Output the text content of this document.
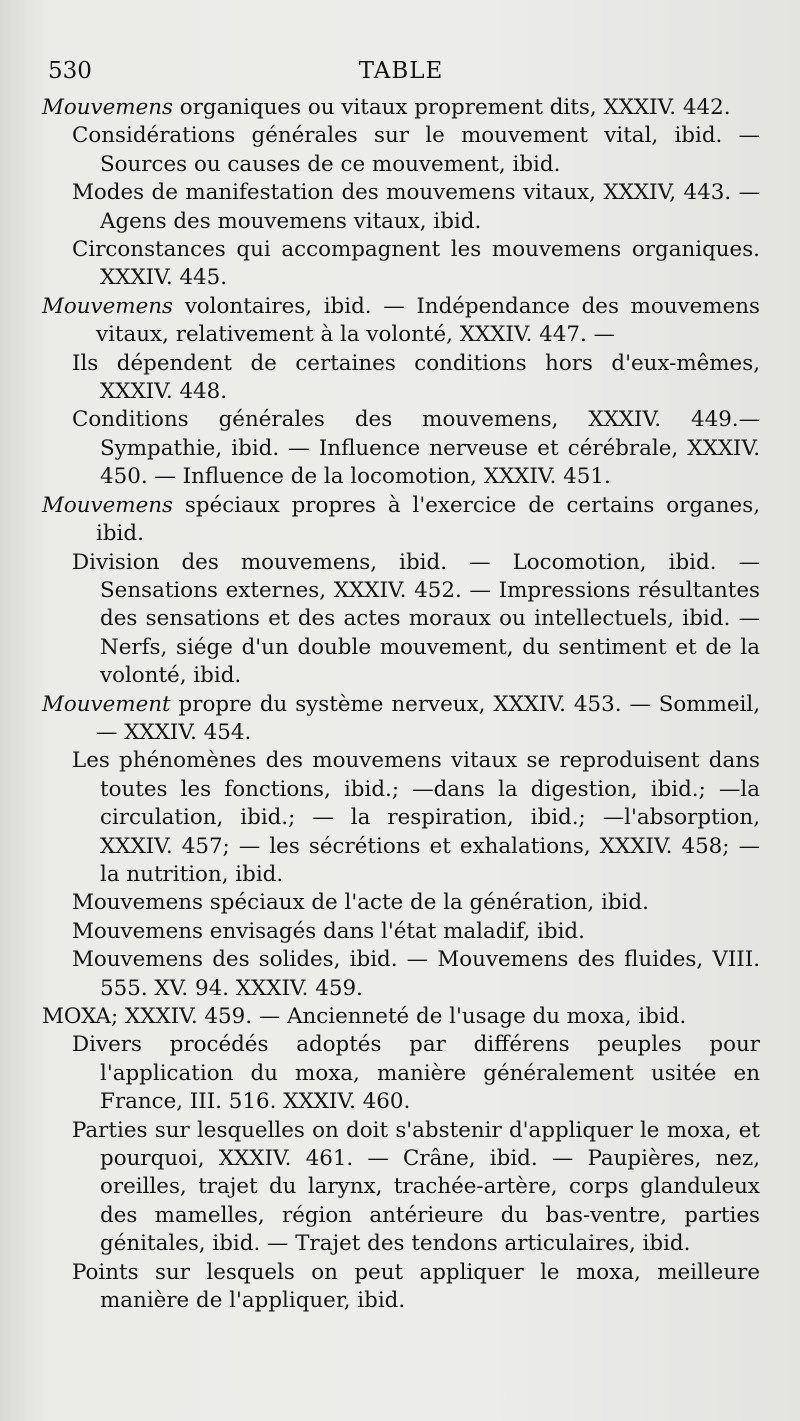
530	TABLE
Mouvemens organiques ou vitaux proprement dits, XXXIV. 442.
Considérations générales sur le mouvement vital, ibid. — Sources ou causes de ce mouvement, ibid.
Modes de manifestation des mouvemens vitaux, XXXIV, 443. — Agens des mouvemens vitaux, ibid.
Circonstances qui accompagnent les mouvemens organiques. XXXIV. 445.
Mouvemens volontaires, ibid. — Indépendance des mouvemens vitaux, relativement à la volonté, XXXIV. 447. —
Ils dépendent de certaines conditions hors d'eux-mêmes, XXXIV. 448.
Conditions générales des mouvemens, XXXIV. 449.— Sympathie, ibid. — Influence nerveuse et cérébrale, XXXIV. 450. — Influence de la locomotion, XXXIV. 451.
Mouvemens spéciaux propres à l'exercice de certains organes, ibid.
Division des mouvemens, ibid. — Locomotion, ibid. — Sensations externes, XXXIV. 452. — Impressions résultantes des sensations et des actes moraux ou intellectuels, ibid. — Nerfs, siége d'un double mouvement, du sentiment et de la volonté, ibid.
Mouvement propre du système nerveux, XXXIV. 453. — Sommeil, — XXXIV. 454.
Les phénomènes des mouvemens vitaux se reproduisent dans toutes les fonctions, ibid.; —dans la digestion, ibid.; —la circulation, ibid.; — la respiration, ibid.; —l'absorption, XXXIV. 457; — les sécrétions et exhalations, XXXIV. 458; — la nutrition, ibid.
Mouvemens spéciaux de l'acte de la génération, ibid.
Mouvemens envisagés dans l'état maladif, ibid.
Mouvemens des solides, ibid. — Mouvemens des fluides, VIII. 555. XV. 94. XXXIV. 459.
MOXA; XXXIV. 459. — Ancienneté de l'usage du moxa, ibid.
Divers procédés adoptés par différens peuples pour l'application du moxa, manière généralement usitée en France, III. 516. XXXIV. 460.
Parties sur lesquelles on doit s'abstenir d'appliquer le moxa, et pourquoi, XXXIV. 461. — Crâne, ibid. — Paupières, nez, oreilles, trajet du larynx, trachée-artère, corps glanduleux des mamelles, région antérieure du bas-ventre, parties génitales, ibid. — Trajet des tendons articulaires, ibid.
Points sur lesquels on peut appliquer le moxa, meilleure manière de l'appliquer, ibid.
